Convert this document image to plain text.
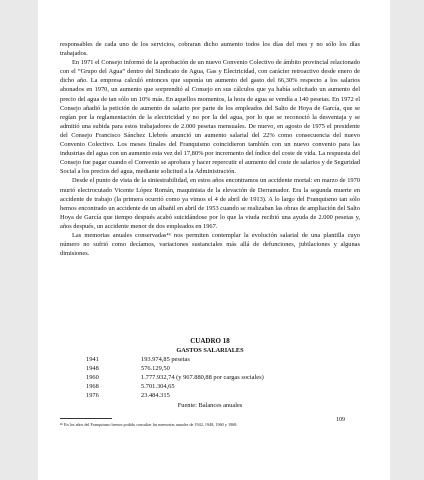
responsables de cada uno de los servicios, cobraran dicho aumento todos los días del mes y no sólo los días trabajados.

En 1971 el Consejo informó de la aprobación de un nuevo Convenio Colectivo de ámbito provincial relacionado con el “Grupo del Agua” dentro del Sindicato de Agua, Gas y Electricidad, con carácter retroactivo desde enero de dicho año. La empresa calculó entonces que suponía un aumento del gasto del 66,30% respecto a los salarios abonados en 1970, un aumento que sorprendió al Consejo en sus cálculos que ya había solicitado un aumento del precio del agua de tan sólo un 10% más. En aquellos momentos, la hora de agua se vendía a 140 pesetas. En 1972 el Consejo añadió la petición de aumento de salario por parte de los empleados del Salto de Hoya de García, que se regían por la reglamentación de la electricidad y no por la del agua, por lo que se reconoció la desventaja y se admitió una subida para estos trabajadores de 2.000 pesetas mensuales. De nuevo, en agosto de 1975 el presidente del Consejo Francisco Sánchez Llebrés anunció un aumento salarial del 22% como consecuencia del nuevo Convenio Colectivo. Los meses finales del Franquismo coincidieron también con un nuevo convenio para las industrias del agua con un aumento esta vez del 17,80% por incremento del índice del coste de vida. La respuesta del Consejo fue pagar cuando el Convenio se aprobara y hacer repercutir el aumento del coste de salarios y de Seguridad Social a los precios del agua, mediante solicitud a la Administración.

Desde el punto de vista de la siniestrabilidad, en estos años encontramos un accidente mortal: en marzo de 1970 murió electrocutado Vicente López Román, maquinista de la elevación de Derramador. Era la segunda muerte en accidente de trabajo (la primera ocurrió como ya vimos el 4 de abril de 1913). A lo largo del Franquismo tan sólo hemos encontrado un accidente de un albañil en abril de 1953 cuando se realizaban las obras de ampliación del Salto Hoya de García que tiempo después acabó suicidándose por lo que la viuda recibió una ayuda de 2.000 pesetas y, años después, un accidente menor de dos empleados en 1967.

Las memorias anuales conservadas⁴⁶ nos permiten contemplar la evolución salarial de una plantilla cuyo número no sufrió como decíamos, variaciones sustanciales más allá de defunciones, jubilaciones y algunas dimisiones.

CUADRO 18
GASTOS SALARIALES
1941	193.974,85 pesetas
1948	576.129,50
1960	1.777.932,74 (y 967.880,88 por cargas sociales)
1968	5.701.304,65
1976	23.484.315
Fuente: Balances anuales
⁴⁶ En los años del Franquismo hemos podido consultar las memorias anuales de 1942, 1948, 1960 y 1968.
109
